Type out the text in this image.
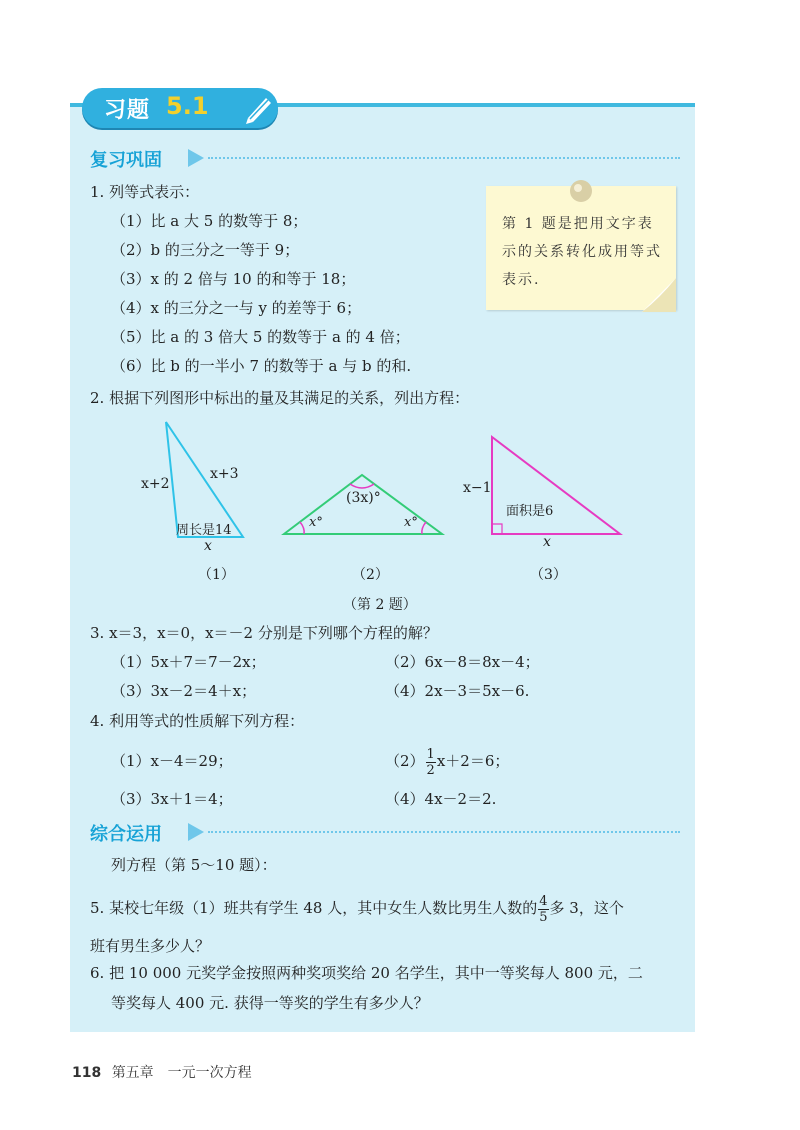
习题 5.1
复习巩固
1. 列等式表示：
（1）比 a 大 5 的数等于 8；
（2）b 的三分之一等于 9；
（3）x 的 2 倍与 10 的和等于 18；
（4）x 的三分之一与 y 的差等于 6；
（5）比 a 的 3 倍大 5 的数等于 a 的 4 倍；
（6）比 b 的一半小 7 的数等于 a 与 b 的和.
第 1 题是把用文字表示的关系转化成用等式表示.
2. 根据下列图形中标出的量及其满足的关系，列出方程：
x+2
x+3
周长是14
x
(3x)°
x°	x°
x−1
面积是6
x
（1）	（2）	（3）
（第 2 题）
3. x＝3，x＝0，x＝－2 分别是下列哪个方程的解？
（1）5x＋7＝7－2x；	（2）6x－8＝8x－4；
（3）3x－2＝4＋x；	（4）2x－3＝5x－6.
4. 利用等式的性质解下列方程：
（1）x－4＝29；	$(2) \frac{1}{2} x+2=6$；
（3）3x＋1＝4；	（4）4x－2＝2.
综合运用
列方程（第 5～10 题）：
5. 某校七年级（1）班共有学生 48 人，其中女生人数比男生人数的 $\frac{4}{5}$ 多 3，这个
班有男生多少人？
6. 把 10 000 元奖学金按照两种奖项奖给 20 名学生，其中一等奖每人 800 元，二
等奖每人 400 元. 获得一等奖的学生有多少人？
118 第五章　一元一次方程
